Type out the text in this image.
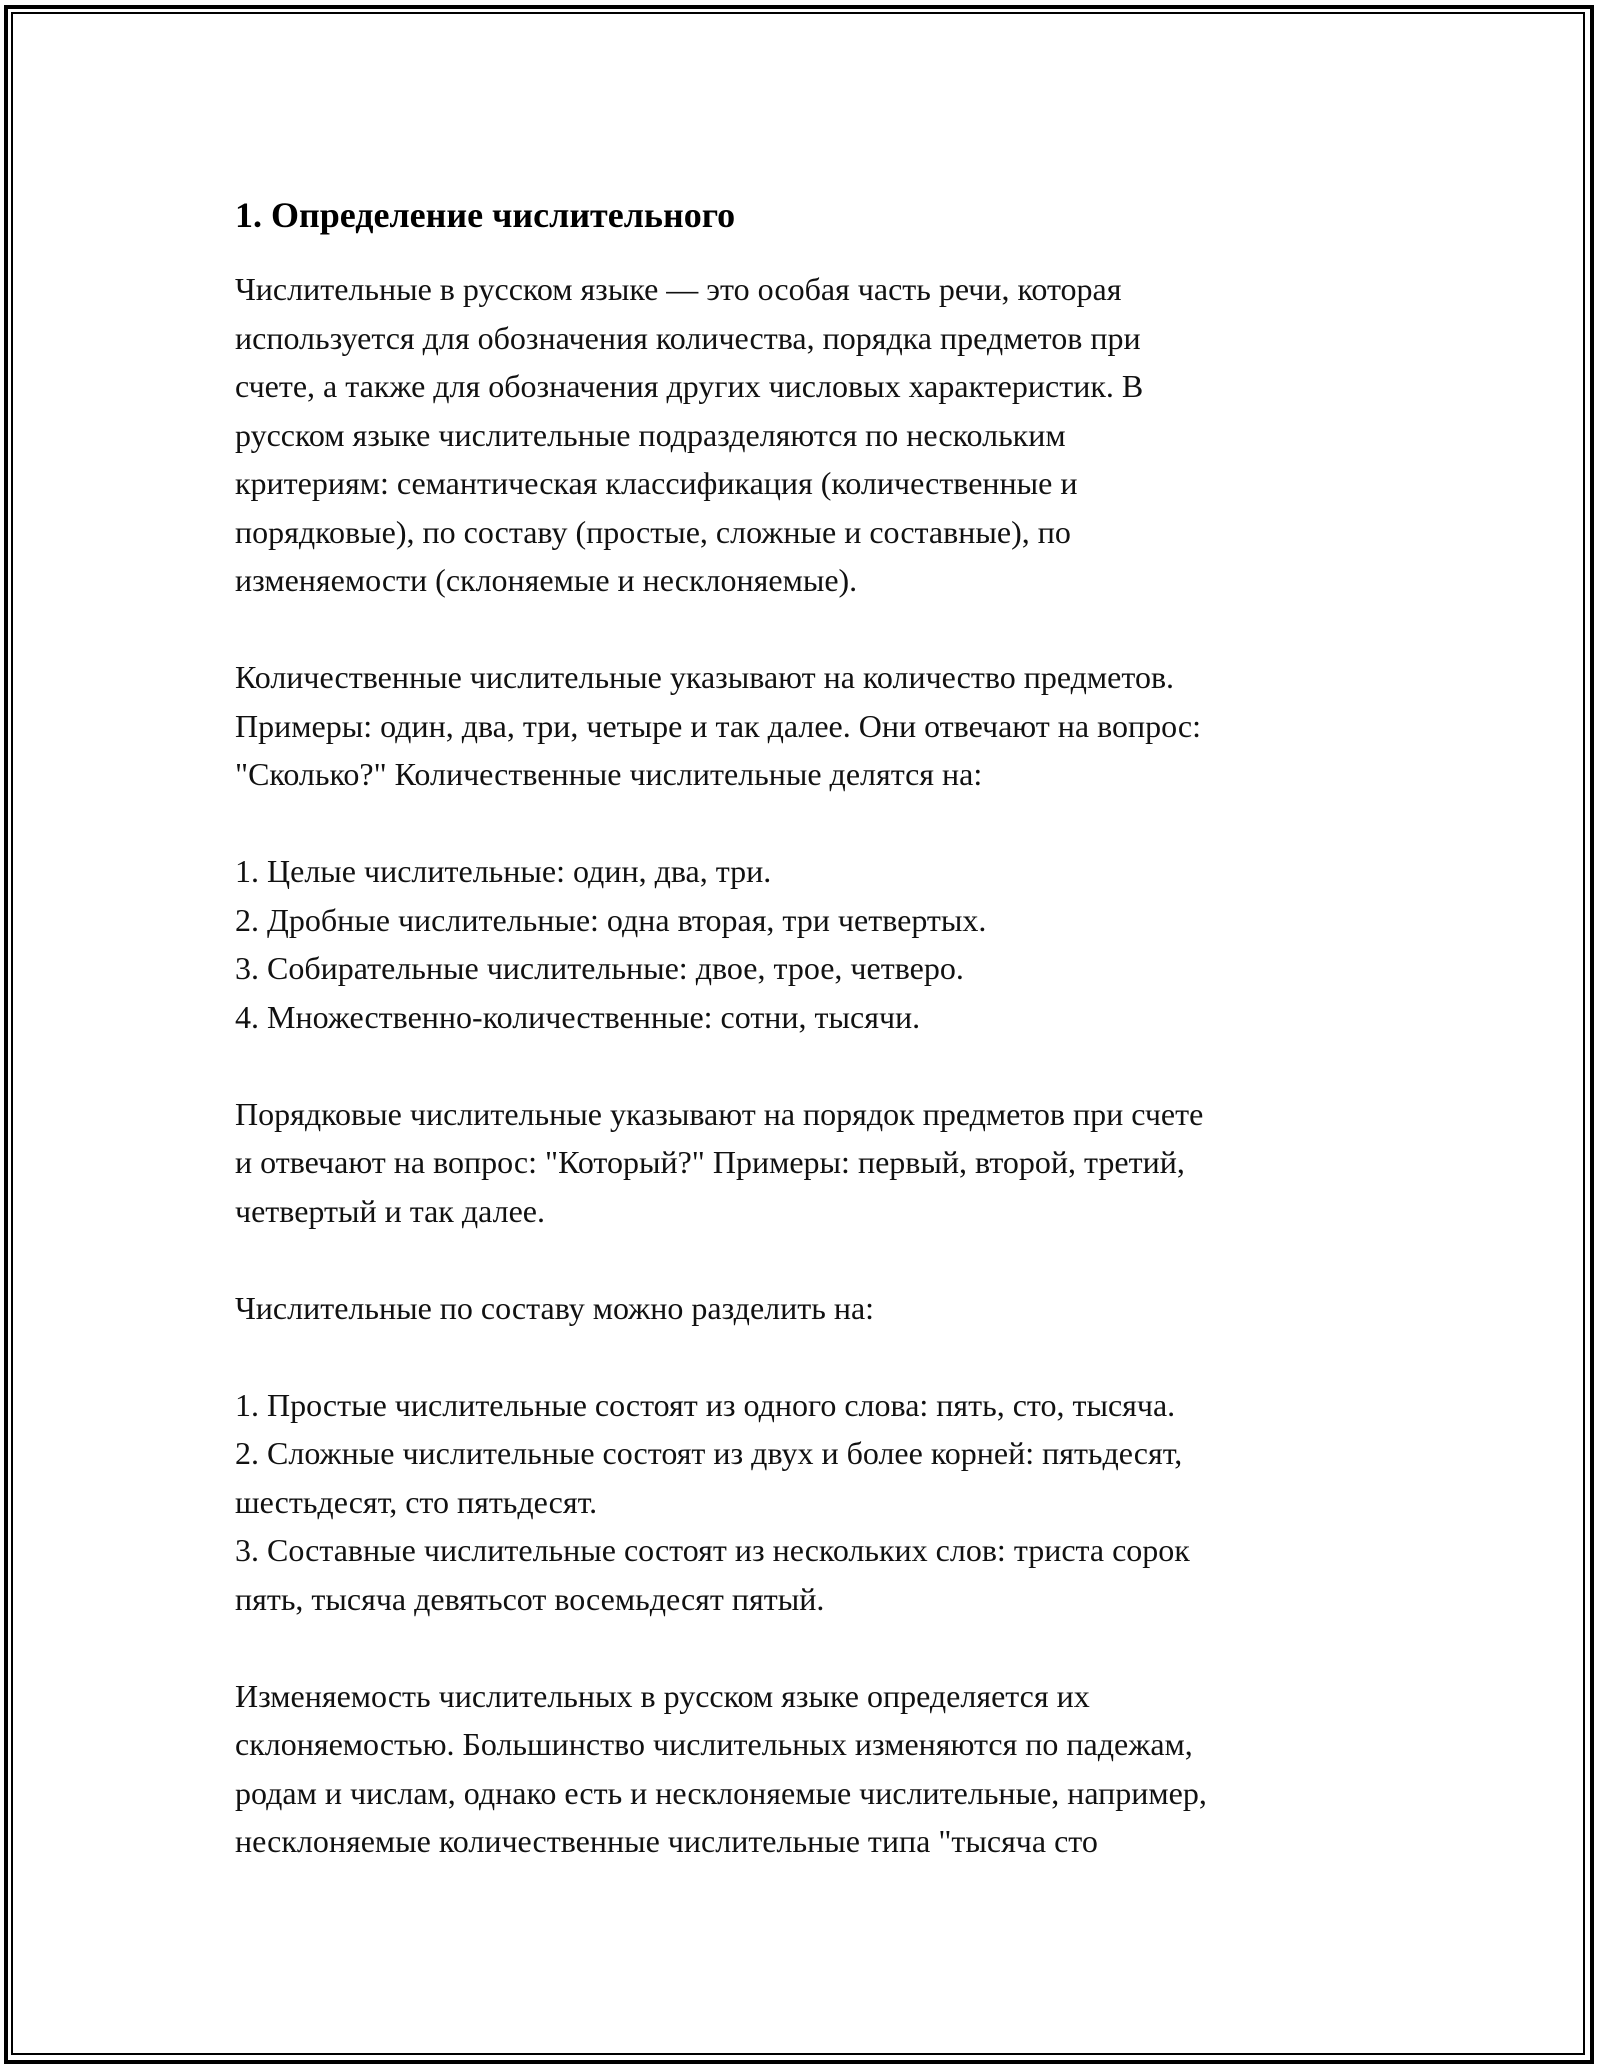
1. Определение числительного

Числительные в русском языке — это особая часть речи, которая
используется для обозначения количества, порядка предметов при
счете, а также для обозначения других числовых характеристик. В
русском языке числительные подразделяются по нескольким
критериям: семантическая классификация (количественные и
порядковые), по составу (простые, сложные и составные), по
изменяемости (склоняемые и несклоняемые).

Количественные числительные указывают на количество предметов.
Примеры: один, два, три, четыре и так далее. Они отвечают на вопрос:
"Сколько?" Количественные числительные делятся на:

1. Целые числительные: один, два, три.
2. Дробные числительные: одна вторая, три четвертых.
3. Собирательные числительные: двое, трое, четверо.
4. Множественно-количественные: сотни, тысячи.

Порядковые числительные указывают на порядок предметов при счете
и отвечают на вопрос: "Который?" Примеры: первый, второй, третий,
четвертый и так далее.

Числительные по составу можно разделить на:

1. Простые числительные состоят из одного слова: пять, сто, тысяча.
2. Сложные числительные состоят из двух и более корней: пятьдесят,
шестьдесят, сто пятьдесят.
3. Составные числительные состоят из нескольких слов: триста сорок
пять, тысяча девятьсот восемьдесят пятый.

Изменяемость числительных в русском языке определяется их
склоняемостью. Большинство числительных изменяются по падежам,
родам и числам, однако есть и несклоняемые числительные, например,
несклоняемые количественные числительные типа "тысяча сто
